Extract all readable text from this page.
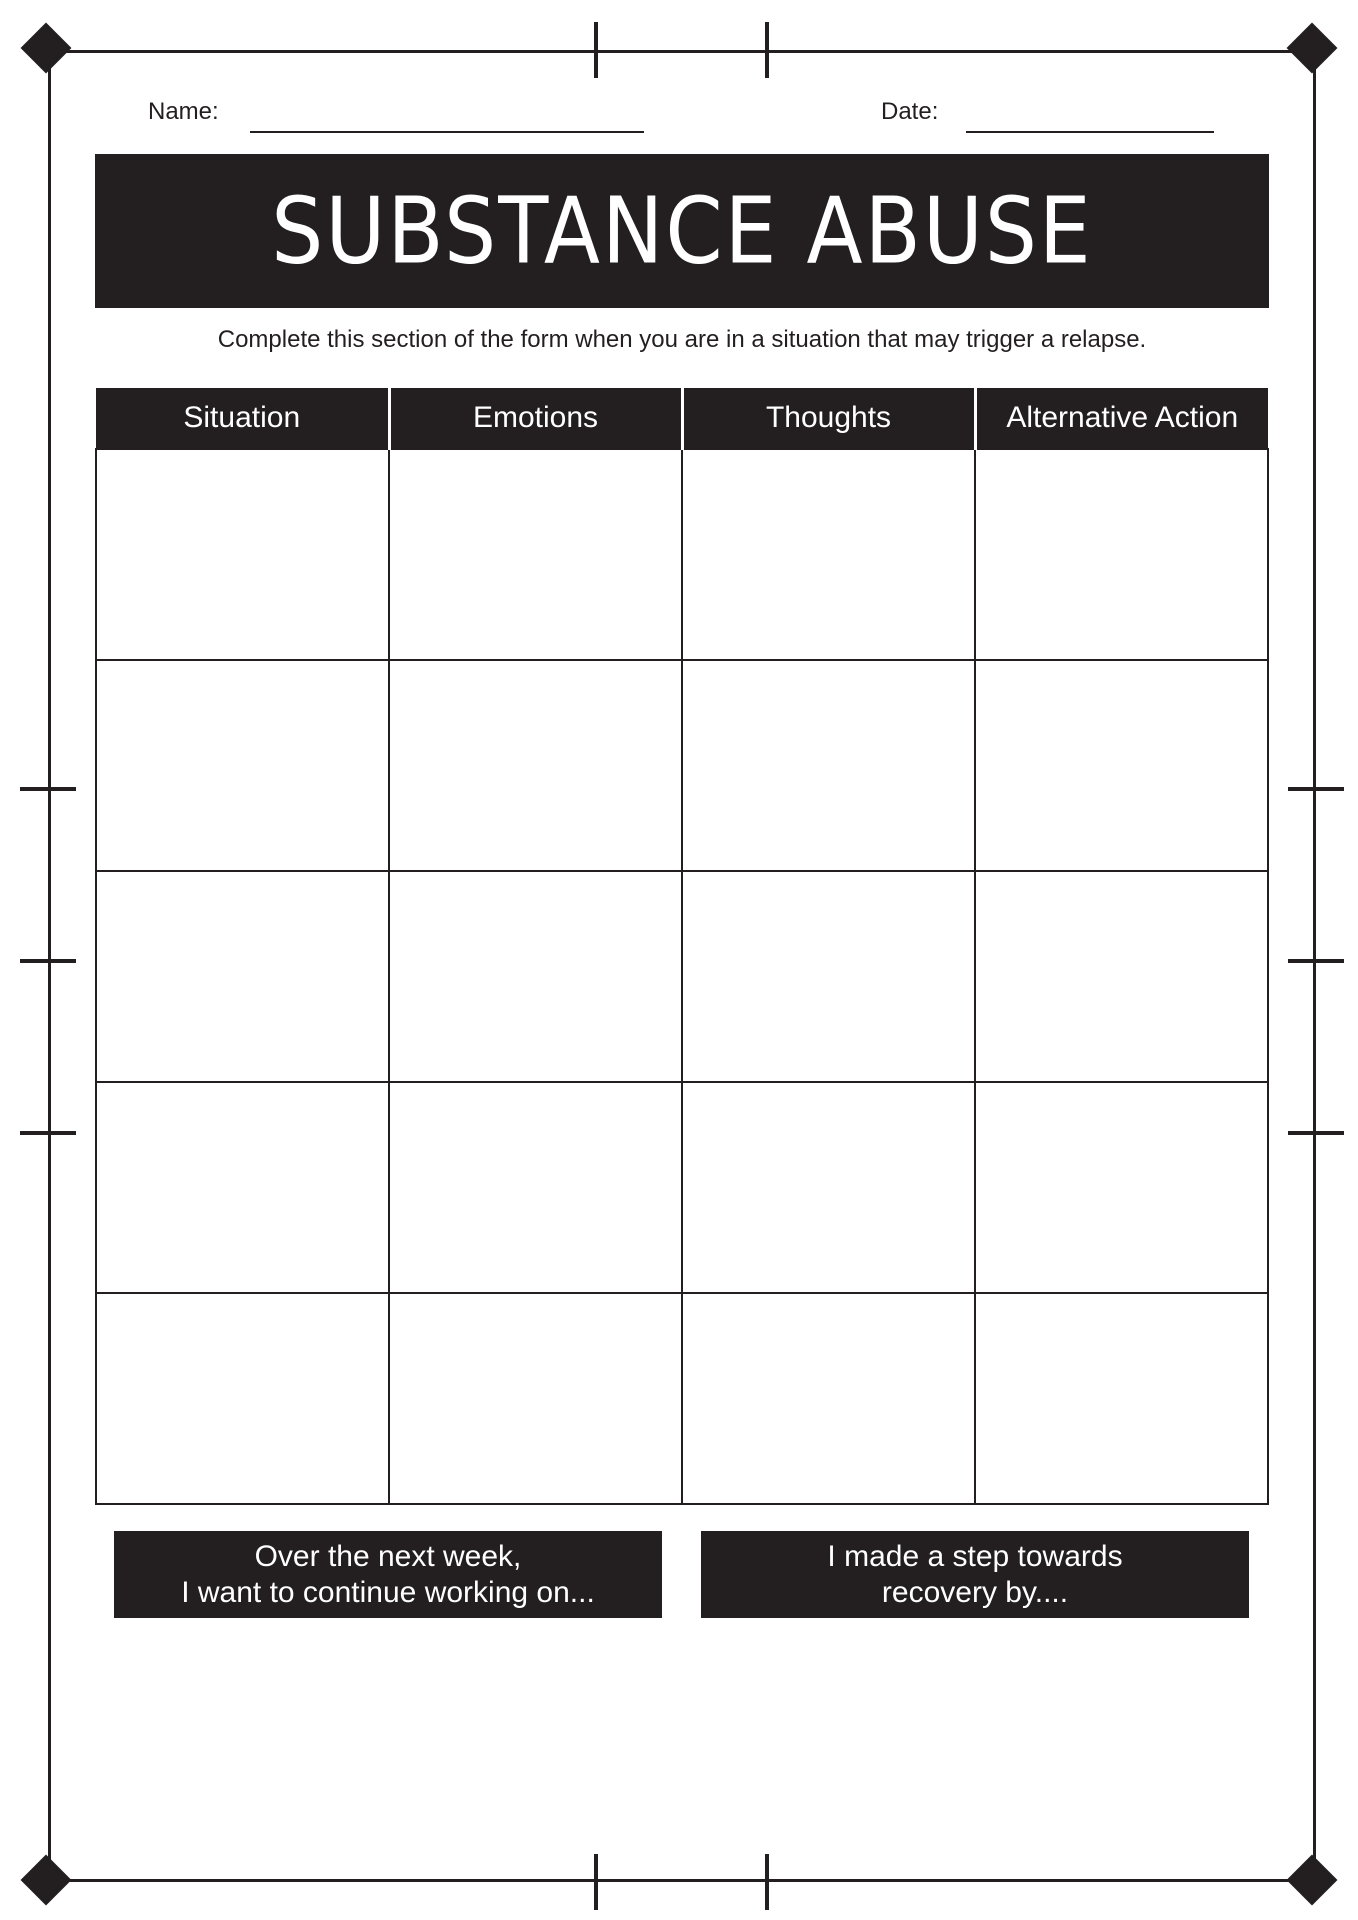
Name:	Date:
SUBSTANCE ABUSE
Complete this section of the form when you are in a situation that may trigger a relapse.
Situation	Emotions	Thoughts	Alternative Action

Over the next week,
I want to continue working on...
I made a step towards
recovery by....
